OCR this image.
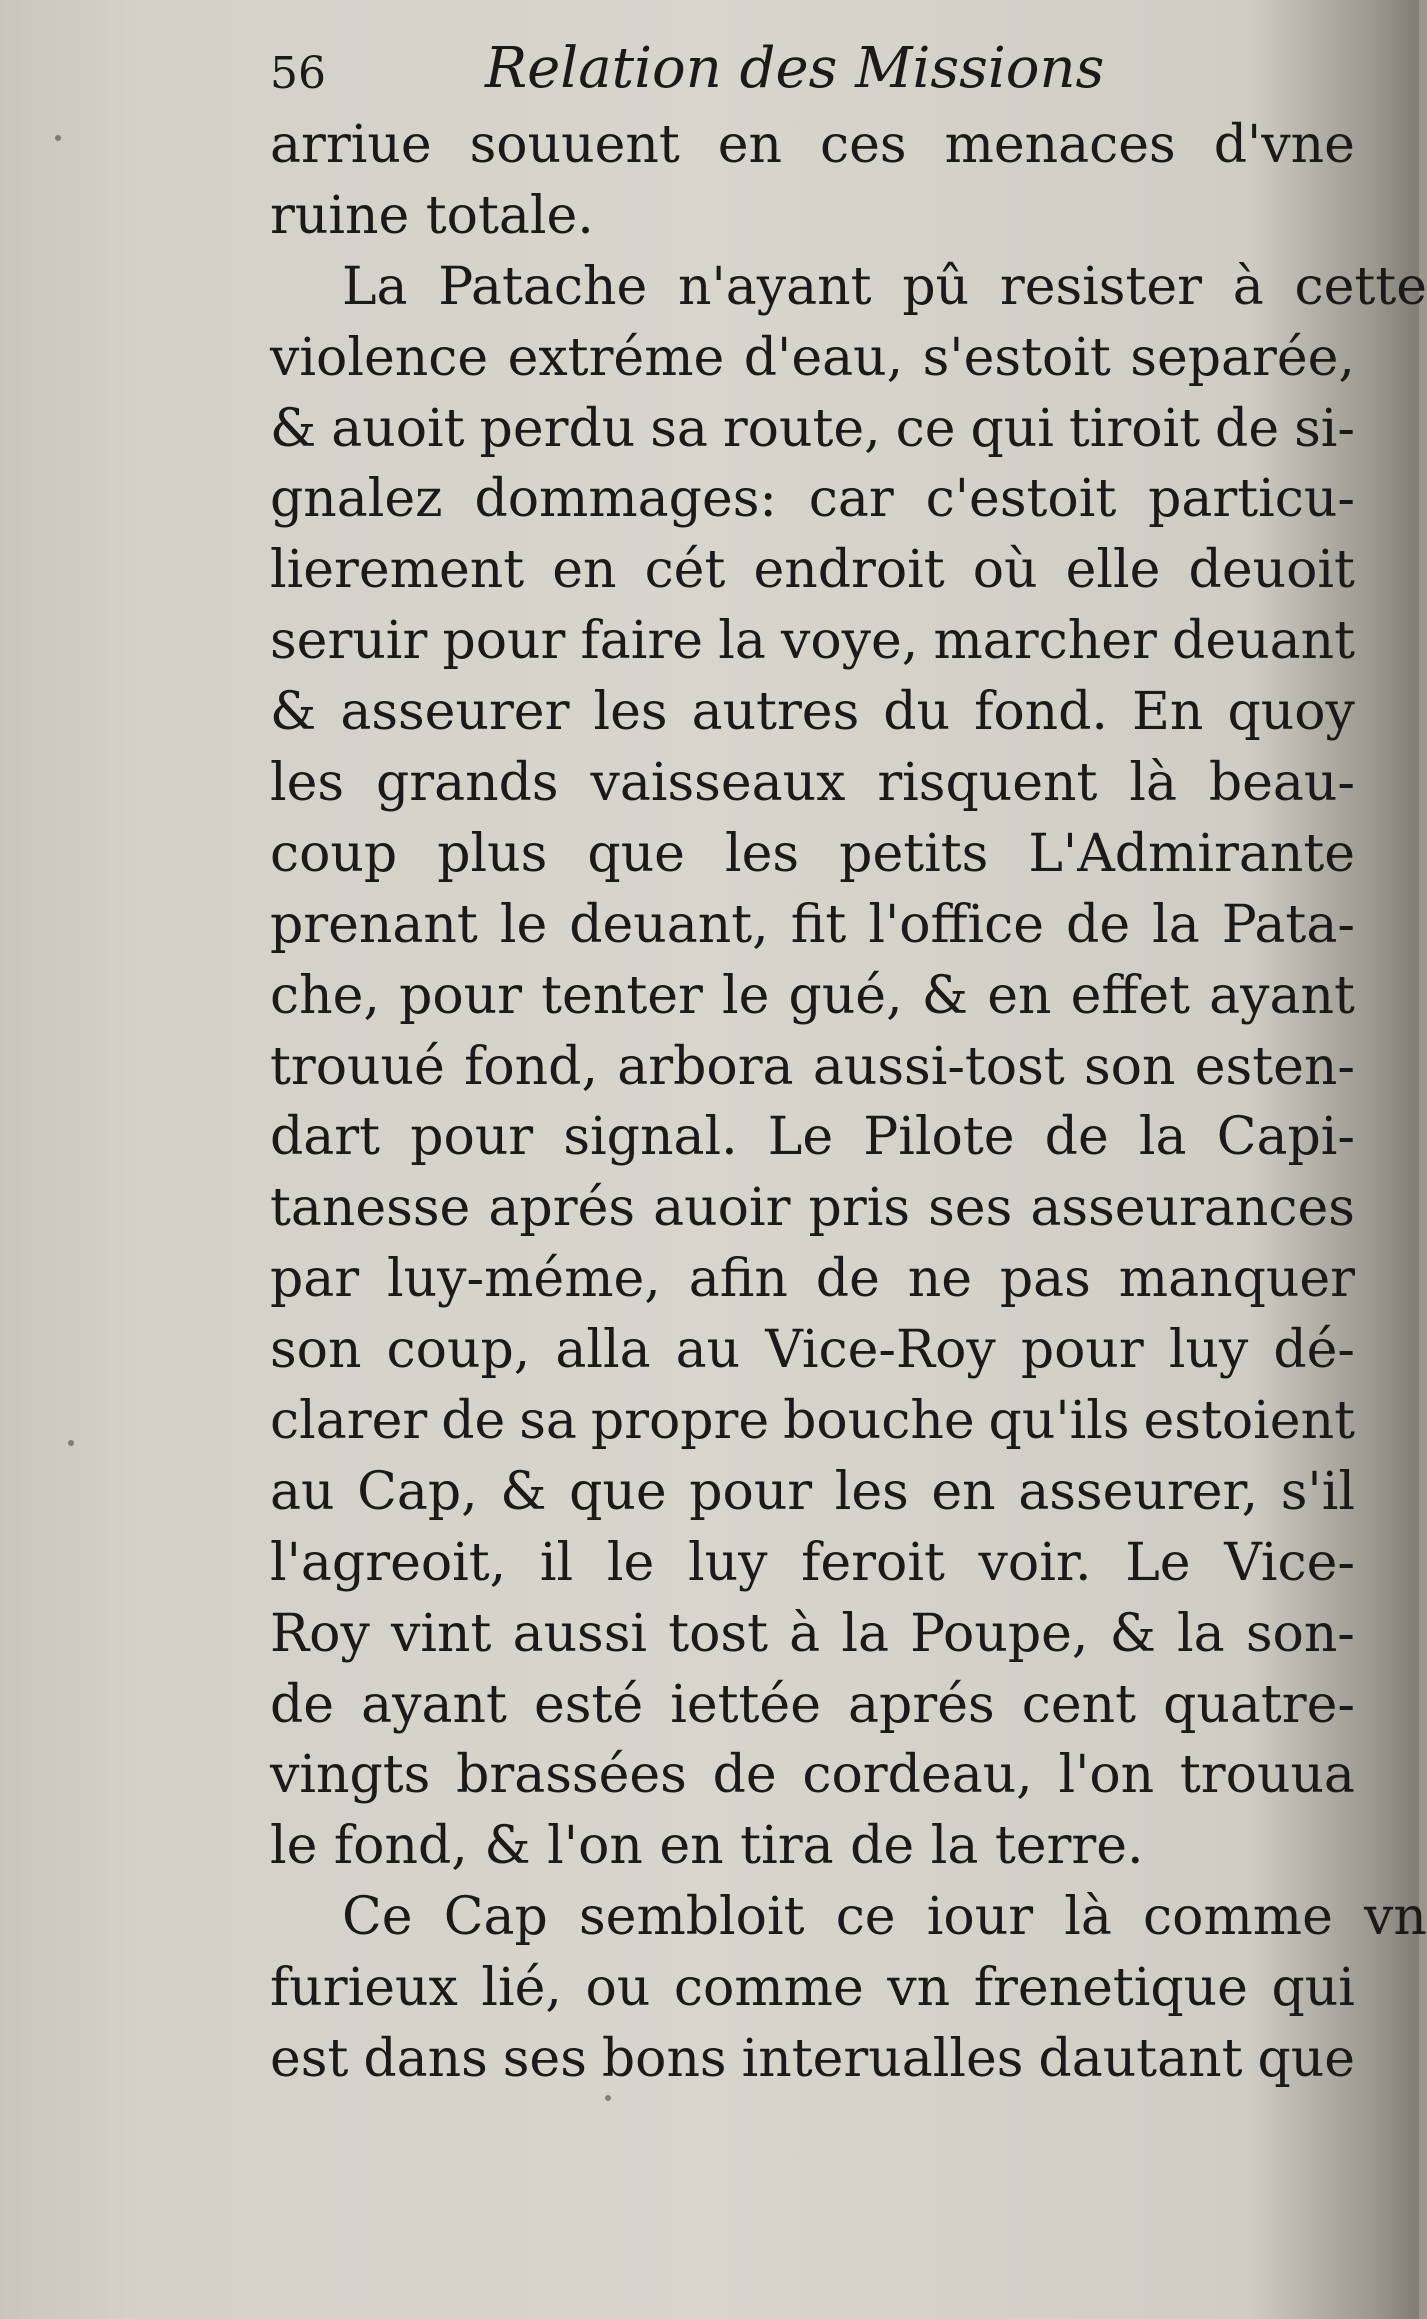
56	Relation des Missions
arriue souuent en ces menaces d'vne
ruine totale.
La Patache n'ayant pû resister à cette
violence extréme d'eau, s'estoit separée,
& auoit perdu sa route, ce qui tiroit de si-
gnalez dommages: car c'estoit particu-
lierement en cét endroit où elle deuoit
seruir pour faire la voye, marcher deuant
& asseurer les autres du fond. En quoy
les grands vaisseaux risquent là beau-
coup plus que les petits L'Admirante
prenant le deuant, fit l'office de la Pata-
che, pour tenter le gué, & en effet ayant
trouué fond, arbora aussi-tost son esten-
dart pour signal. Le Pilote de la Capi-
tanesse aprés auoir pris ses asseurances
par luy-méme, afin de ne pas manquer
son coup, alla au Vice-Roy pour luy dé-
clarer de sa propre bouche qu'ils estoient
au Cap, & que pour les en asseurer, s'il
l'agreoit, il le luy feroit voir. Le Vice-
Roy vint aussi tost à la Poupe, & la son-
de ayant esté iettée aprés cent quatre-
vingts brassées de cordeau, l'on trouua
le fond, & l'on en tira de la terre.
Ce Cap sembloit ce iour là comme vn
furieux lié, ou comme vn frenetique qui
est dans ses bons interualles dautant que
